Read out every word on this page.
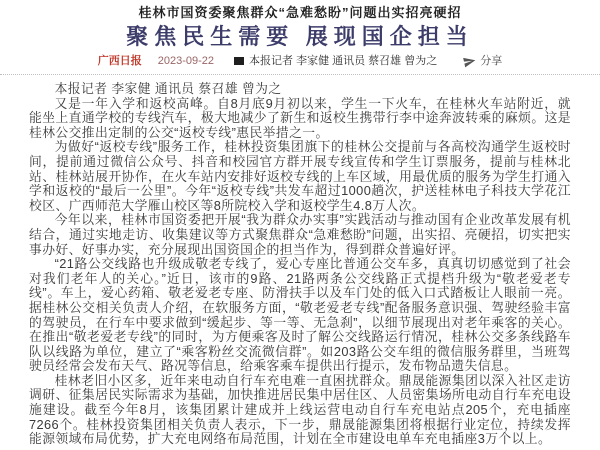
桂林市国资委聚焦群众“急难愁盼”问题出实招亮硬招

聚焦民生需要 展现国企担当
广西日报 2023-09-22	本报记者 李家健 通讯员 蔡召雄 曾为之	分享

本报记者 李家健 通讯员 蔡召雄 曾为之

又是一年入学和返校高峰。自8月底9月初以来，学生一下火车，在桂林火车站附近，就能坐上直通学校的专线汽车，极大地减少了新生和返校生携带行李中途奔波转乘的麻烦。这是桂林公交推出定制的公交“返校专线”惠民举措之一。

为做好“返校专线”服务工作，桂林投资集团旗下的桂林公交提前与各高校沟通学生返校时间，提前通过微信公众号、抖音和校园官方群开展专线宣传和学生订票服务，提前与桂林北站、桂林站展开协作，在火车站内安排好返校专线的上车区域，用最优质的服务为学生打通入学和返校的“最后一公里”。今年“返校专线”共发车超过1000趟次，护送桂林电子科技大学花江校区、广西师范大学雁山校区等8所院校入学和返校学生4.8万人次。

今年以来，桂林市国资委把开展“我为群众办实事”实践活动与推动国有企业改革发展有机结合，通过实地走访、收集建议等方式聚焦群众“急难愁盼”问题，出实招、亮硬招，切实把实事办好、好事办实，充分展现出国资国企的担当作为，得到群众普遍好评。

“21路公交线路也升级成敬老专线了，爱心专座比普通公交车多，真真切切感觉到了社会对我们老年人的关心。”近日，该市的9路、21路两条公交线路正式提档升级为“敬老爱老专线”。车上，爱心药箱、敬老爱老专座、防滑扶手以及车门处的低入口式踏板让人眼前一亮。据桂林公交相关负责人介绍，在软服务方面，“敬老爱老专线”配备服务意识强、驾驶经验丰富的驾驶员，在行车中要求做到“缓起步、等一等、无急刹”，以细节展现出对老年乘客的关心。在推出“敬老爱老专线”的同时，为方便乘客及时了解公交线路运行情况，桂林公交多条线路车队以线路为单位，建立了“乘客粉丝交流微信群”。如203路公交车组的微信服务群里，当班驾驶员经常会发布天气、路况等信息，给乘客乘车提供出行提示，发布物品遗失信息。

桂林老旧小区多，近年来电动自行车充电难一直困扰群众。鼎晟能源集团以深入社区走访调研、征集居民实际需求为基础，加快推进居民集中居住区、人员密集场所电动自行车充电设施建设。截至今年8月，该集团累计建成并上线运营电动自行车充电站点205个，充电插座7266个。桂林投资集团相关负责人表示，下一步，鼎晟能源集团将根据行业定位，持续发挥能源领域布局优势，扩大充电网络布局范围，计划在全市建设电单车充电插座3万个以上。
